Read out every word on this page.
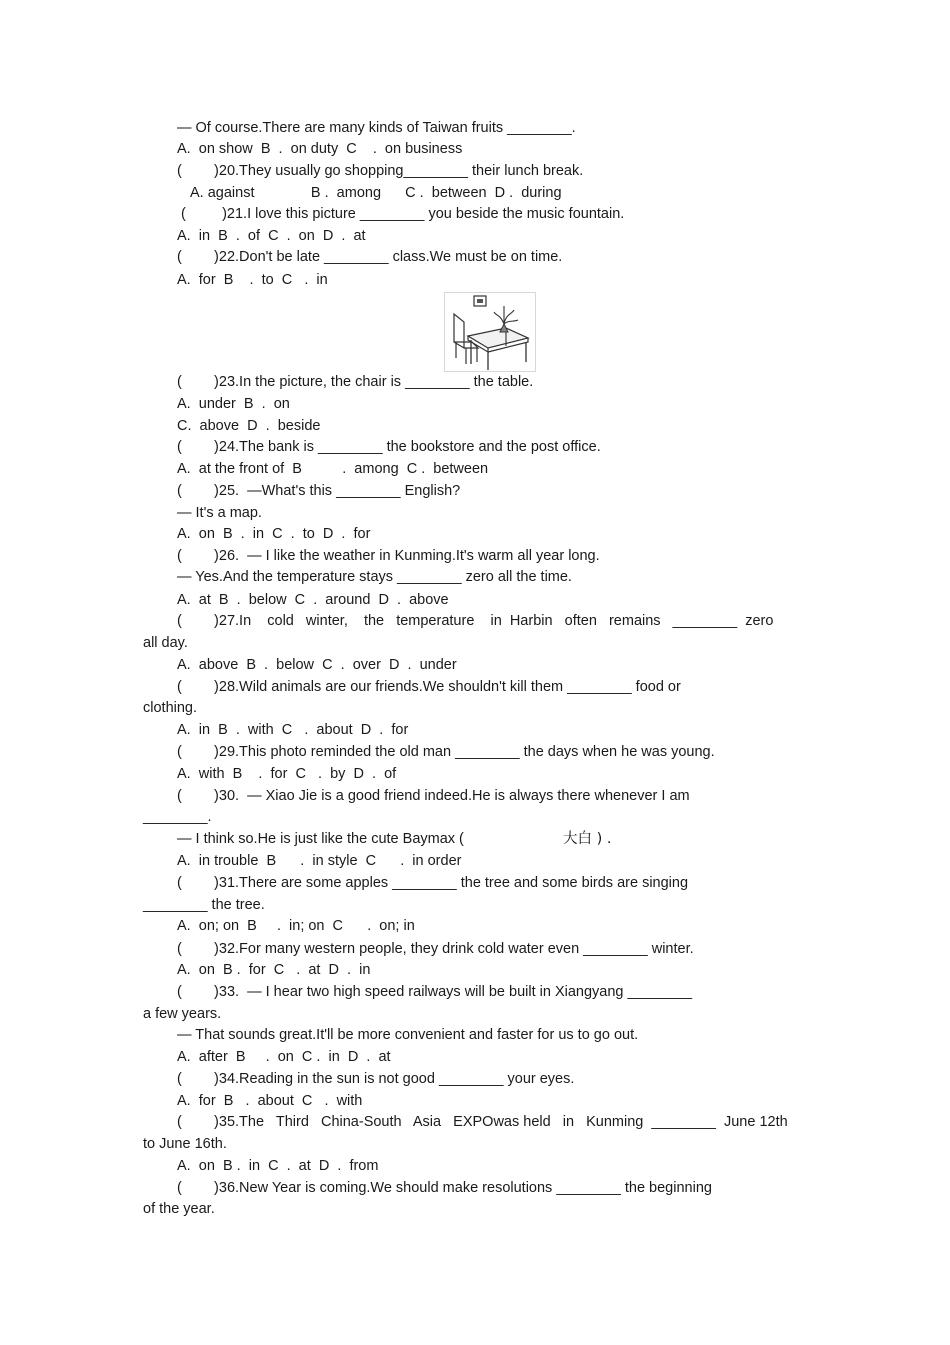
— Of course.There are many kinds of Taiwan fruits ________.
A.  on show  B  .  on duty  C    .  on business
(        )20.They usually go shopping________ their lunch break.
A. against              B .  among      C .  between  D .  during
(         )21.I love this picture ________ you beside the music fountain.
A.  in  B  .  of  C  .  on  D  .  at
(        )22.Don't be late ________ class.We must be on time.
A.  for  B    .  to  C   .  in
(        )23.In the picture, the chair is ________ the table.
A.  under  B  .  on
C.  above  D  .  beside
(        )24.The bank is ________ the bookstore and the post office.
A.  at the front of  B          .  among  C .  between
(        )25.  —What's this ________ English?
— It's a map.
A.  on  B  .  in  C  .  to  D  .  for
(        )26.  — I like the weather in Kunming.It's warm all year long.
— Yes.And the temperature stays ________ zero all the time.
A.  at  B  .  below  C  .  around  D  .  above
(        )27.In    cold   winter,    the   temperature    in  Harbin   often   remains   ________  zero
all day.
A.  above  B  .  below  C  .  over  D  .  under
(        )28.Wild animals are our friends.We shouldn't kill them ________ food or
clothing.
A.  in  B  .  with  C   .  about  D  .  for
(        )29.This photo reminded the old man ________ the days when he was young.
A.  with  B    .  for  C   .  by  D  .  of
(        )30.  — Xiao Jie is a good friend indeed.He is always there whenever I am
________.
— I think so.He is just like the cute Baymax (	大白 ) .
A.  in trouble  B      .  in style  C      .  in order
(        )31.There are some apples ________ the tree and some birds are singing
________ the tree.
A.  on; on  B     .  in; on  C      .  on; in
(        )32.For many western people, they drink cold water even ________ winter.
A.  on  B .  for  C   .  at  D  .  in
(        )33.  — I hear two high speed railways will be built in Xiangyang ________
a few years.
— That sounds great.It'll be more convenient and faster for us to go out.
A.  after  B     .  on  C .  in  D  .  at
(        )34.Reading in the sun is not good ________ your eyes.
A.  for  B   .  about  C   .  with
(        )35.The   Third   China-South   Asia   EXPOwas held   in   Kunming  ________  June 12th
to June 16th.
A.  on  B .  in  C  .  at  D  .  from
(        )36.New Year is coming.We should make resolutions ________ the beginning
of the year.
